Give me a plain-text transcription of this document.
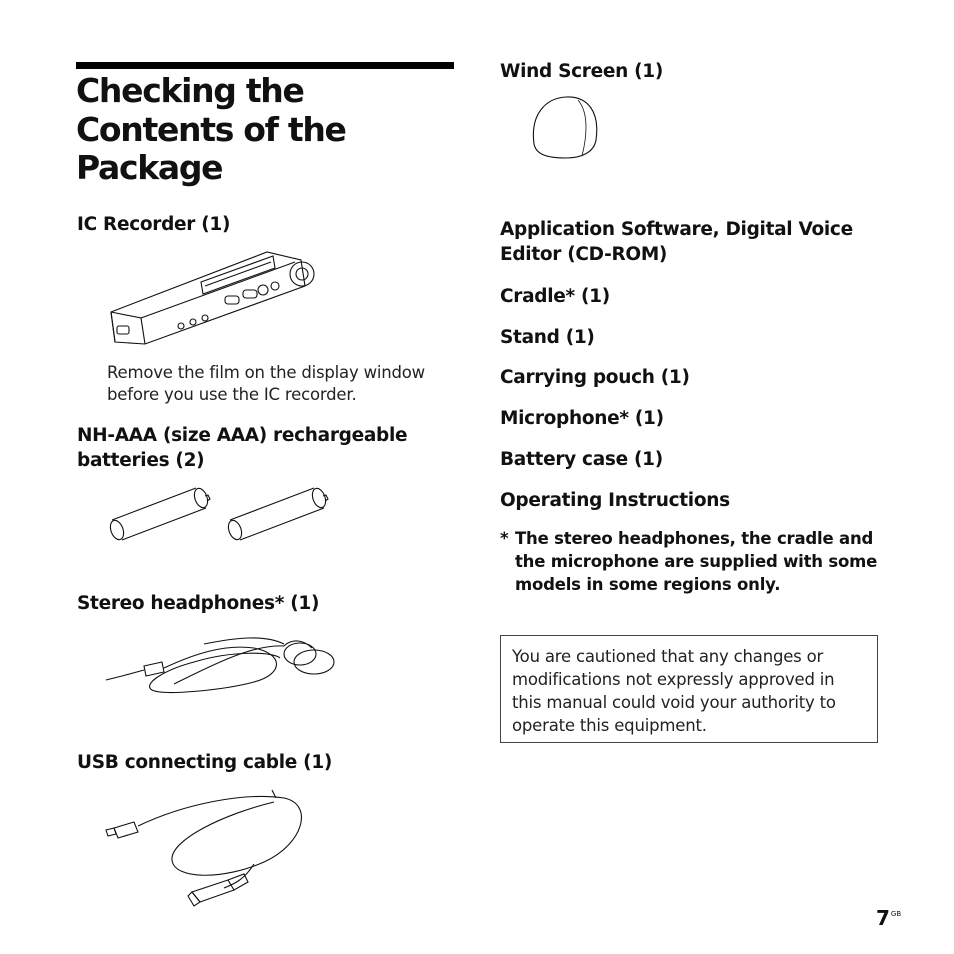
Checking the Contents of the Package
IC Recorder (1)
Remove the film on the display window before you use the IC recorder.
NH-AAA (size AAA) rechargeable batteries (2)
Stereo headphones* (1)
USB connecting cable (1)
Wind Screen (1)
Application Software, Digital Voice Editor (CD-ROM)
Cradle* (1)
Stand (1)
Carrying pouch (1)
Microphone* (1)
Battery case (1)
Operating Instructions
* The stereo headphones, the cradle and the microphone are supplied with some models in some regions only.
You are cautioned that any changes or modifications not expressly approved in this manual could void your authority to operate this equipment.
$7^{GB}$
